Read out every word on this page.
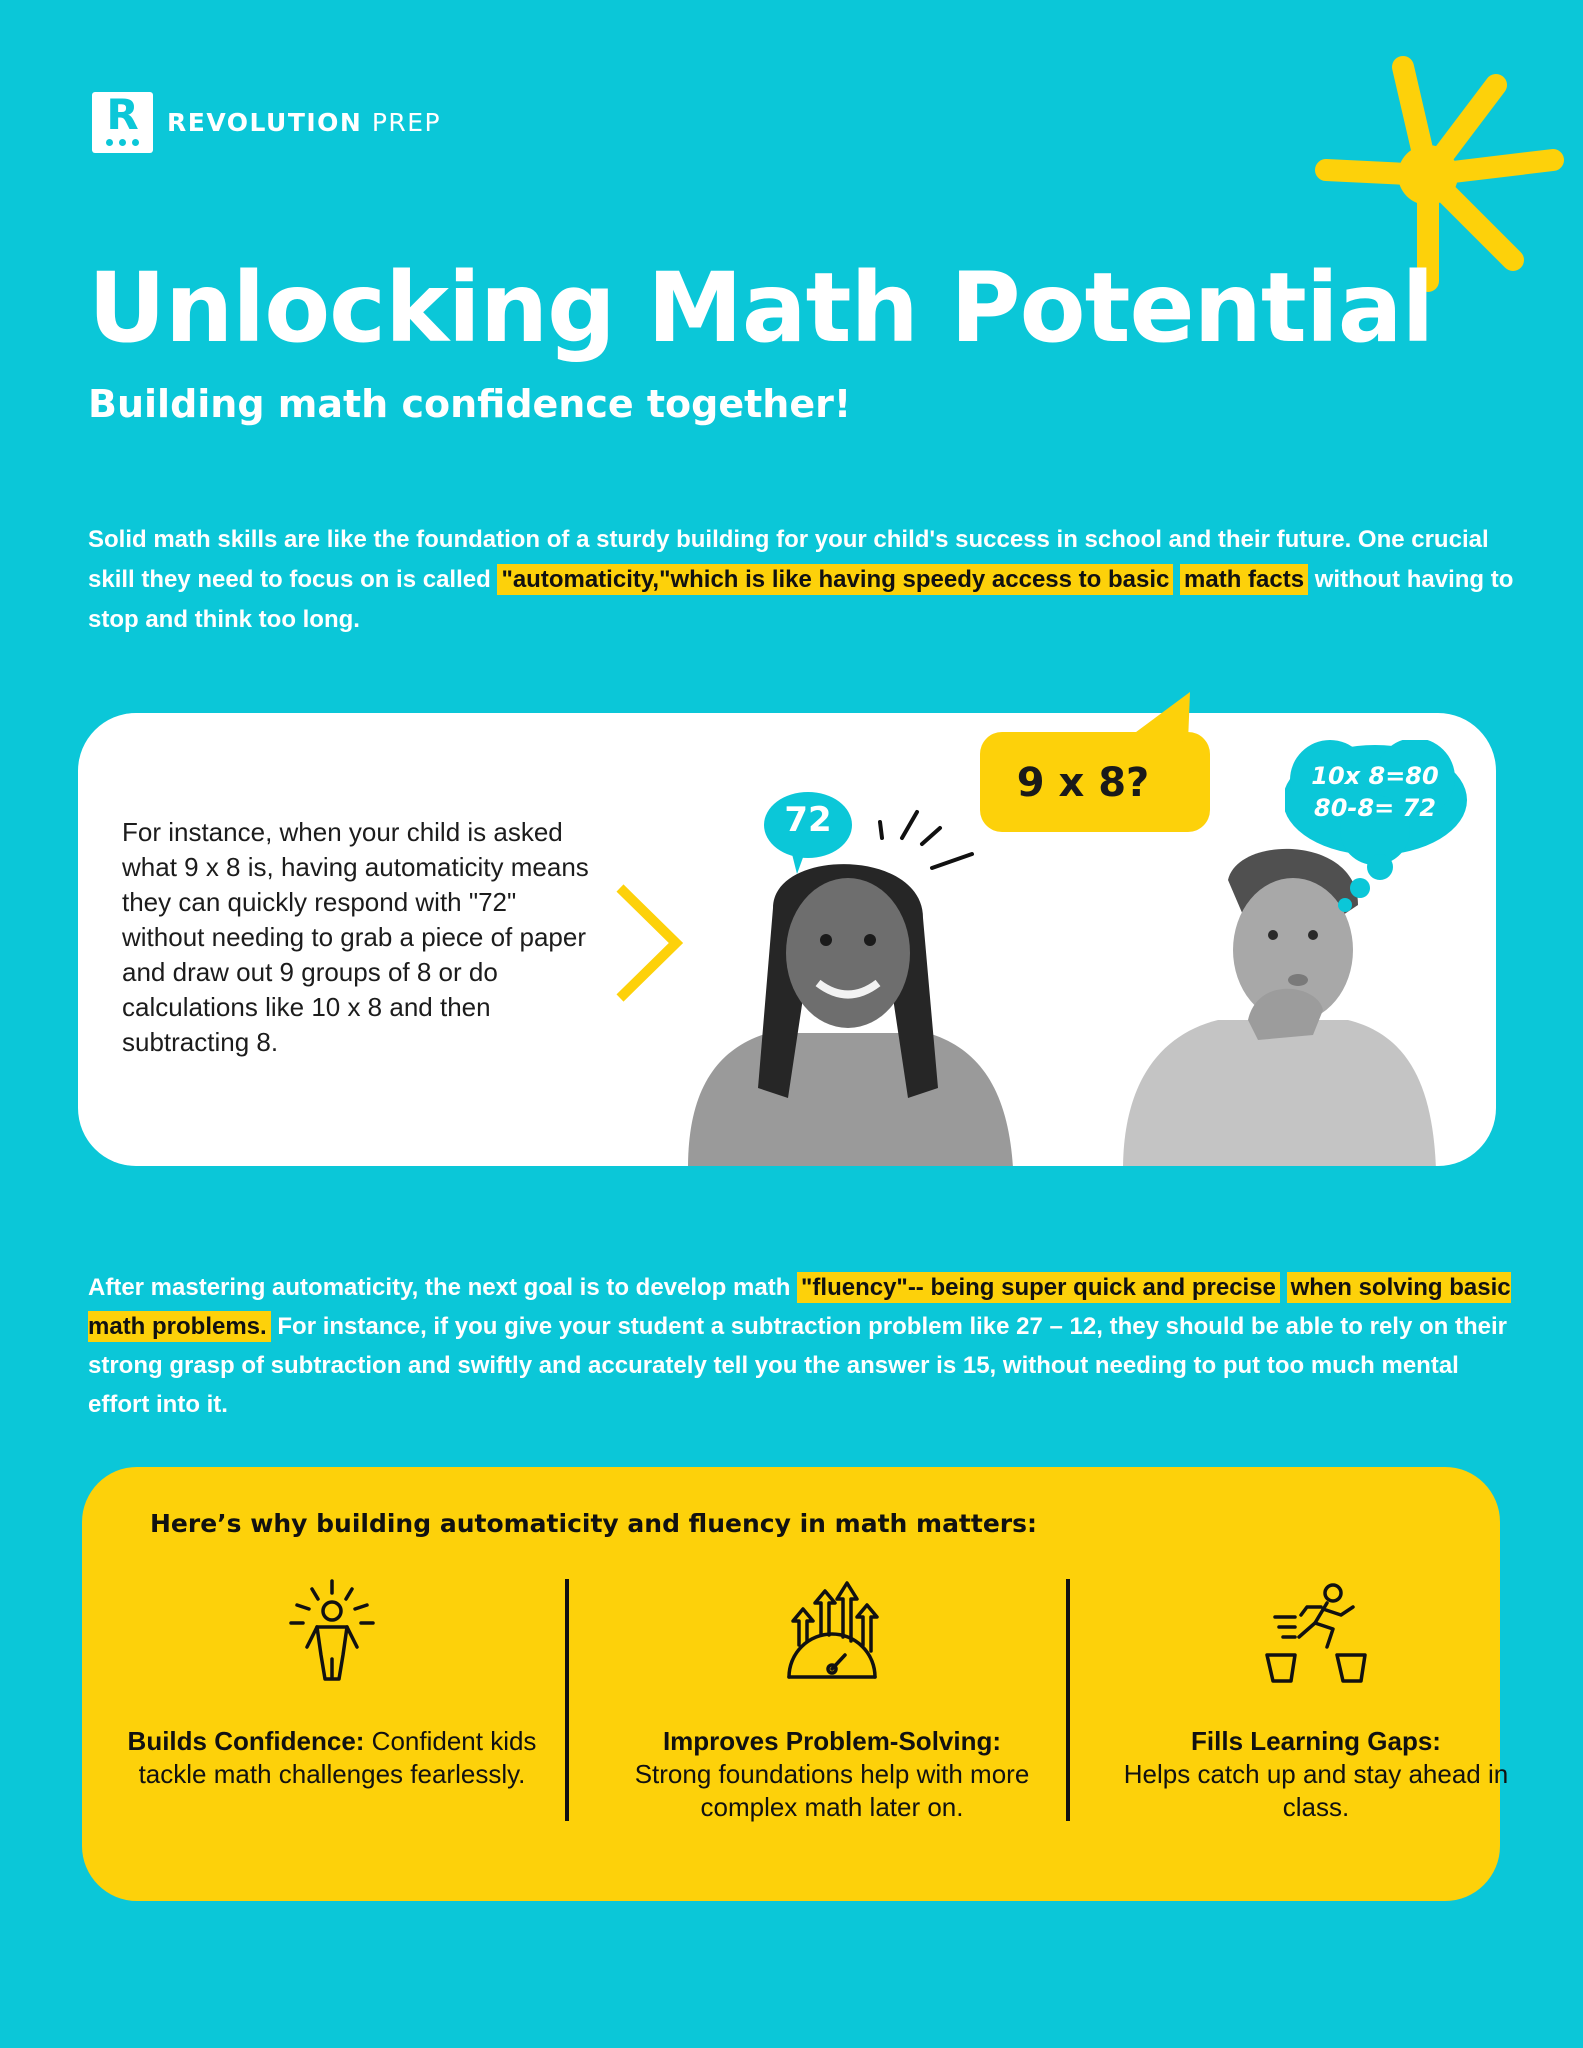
R REVOLUTION PREP
Unlocking Math Potential
Building math confidence together!
Solid math skills are like the foundation of a sturdy building for your child's success in school and their future. One crucial skill they need to focus on is called "automaticity,"which is like having speedy access to basic math facts without having to stop and think too long.
For instance, when your child is asked what 9 x 8 is, having automaticity means they can quickly respond with "72" without needing to grab a piece of paper and draw out 9 groups of 8 or do calculations like 10 x 8 and then subtracting 8.
72
9 x 8?	10x 8=80
80-8= 72
After mastering automaticity, the next goal is to develop math "fluency"-- being super quick and precise when solving basic math problems. For instance, if you give your student a subtraction problem like 27 – 12, they should be able to rely on their strong grasp of subtraction and swiftly and accurately tell you the answer is 15, without needing to put too much mental effort into it.
Here’s why building automaticity and fluency in math matters:
Builds Confidence: Confident kids tackle math challenges fearlessly.
Improves Problem-Solving:
Strong foundations help with more complex math later on.
Fills Learning Gaps:
Helps catch up and stay ahead in class.
